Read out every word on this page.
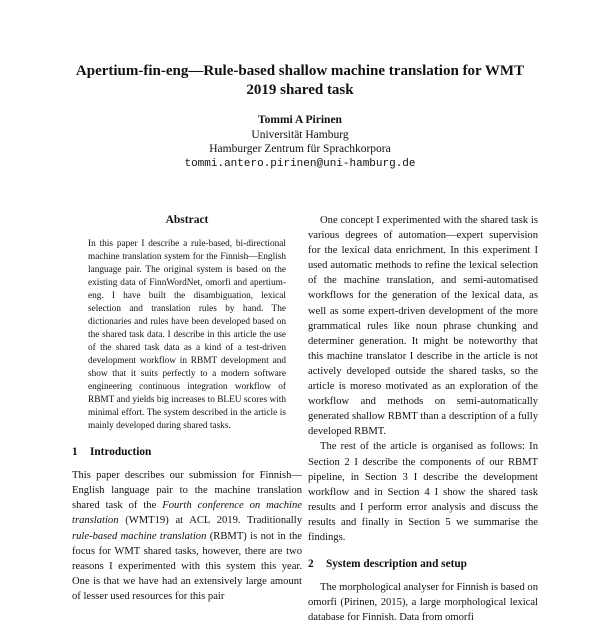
Apertium-fin-eng—Rule-based shallow machine translation for WMT 2019 shared task
Tommi A Pirinen
Universität Hamburg
Hamburger Zentrum für Sprachkorpora
tommi.antero.pirinen@uni-hamburg.de
Abstract
In this paper I describe a rule-based, bi-directional machine translation system for the Finnish—English language pair. The original system is based on the existing data of FinnWordNet, omorfi and apertium-eng. I have built the disambiguation, lexical selection and translation rules by hand. The dictionaries and rules have been developed based on the shared task data. I describe in this article the use of the shared task data as a kind of a test-driven development workflow in RBMT development and show that it suits perfectly to a modern software engineering continuous integration workflow of RBMT and yields big increases to BLEU scores with minimal effort. The system described in the article is mainly developed during shared tasks.
1 Introduction

This paper describes our submission for Finnish—English language pair to the machine translation shared task of the Fourth conference on machine translation (WMT19) at ACL 2019. Traditionally rule-based machine translation (RBMT) is not in the focus for WMT shared tasks, however, there are two reasons I experimented with this system this year. One is that we have had an extensively large amount of lesser used resources for this pair

One concept I experimented with the shared task is various degrees of automation—expert supervision for the lexical data enrichment. In this experiment I used automatic methods to refine the lexical selection of the machine translation, and semi-automatised workflows for the generation of the lexical data, as well as some expert-driven development of the more grammatical rules like noun phrase chunking and determiner generation. It might be noteworthy that this machine translator I describe in the article is not actively developed outside the shared tasks, so the article is moreso motivated as an exploration of the workflow and methods on semi-automatically generated shallow RBMT than a description of a fully developed RBMT.

The rest of the article is organised as follows: In Section 2 I describe the components of our RBMT pipeline, in Section 3 I describe the development workflow and in Section 4 I show the shared task results and I perform error analysis and discuss the results and finally in Section 5 we summarise the findings.

2 System description and setup

The morphological analyser for Finnish is based on omorfi (Pirinen, 2015), a large morphological lexical database for Finnish. Data from omorfi
